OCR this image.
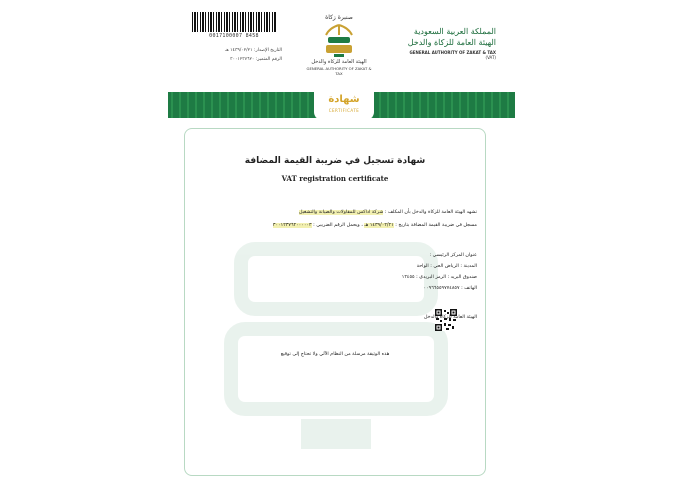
0017100007 8458
التاريخ الإصدار: ١٤٣٩/٠٢/٢١ هـ
الرقم المتميز: ٣٠٠١٢٣٧٦٢٠
صنبرة زكاة
الهيئة العامة للزكاة والدخل
GENERAL AUTHORITY OF ZAKAT & TAX
المملكة العربية السعودية
الهيئة العامة للزكاة والدخل
GENERAL AUTHORITY OF ZAKAT & TAX
(VAT)
شهادة
CERTIFICATE
شهادة تسجيل في ضريبة القيمة المضافة
VAT registration certificate
تشهد الهيئة العامة للزكاة والدخل بأن المكلف : شركة اداكس للمقاولات والصيانة والتشغيل
مسجل في ضريبة القيمة المضافة بتاريخ : ١٤٣٩/٠٢/٢١ هـ ، ويحمل الرقم الضريبي : ٣٠٠١٢٣٧٦٢٠٠٠٠٠٣
عنوان المركز الرئيسي :
المدينة : الرياض الحي : الواحة
صندوق البريد : الرمز البريدي : ١٢٤٥٥
الهاتف : ٠٠٩٦٦٥٥٩٧٧٤٨٥٧
الهيئة العامة للزكاة والدخل
هذه الوثيقة مرسلة من النظام الآلي ولا تحتاج إلى توقيع
